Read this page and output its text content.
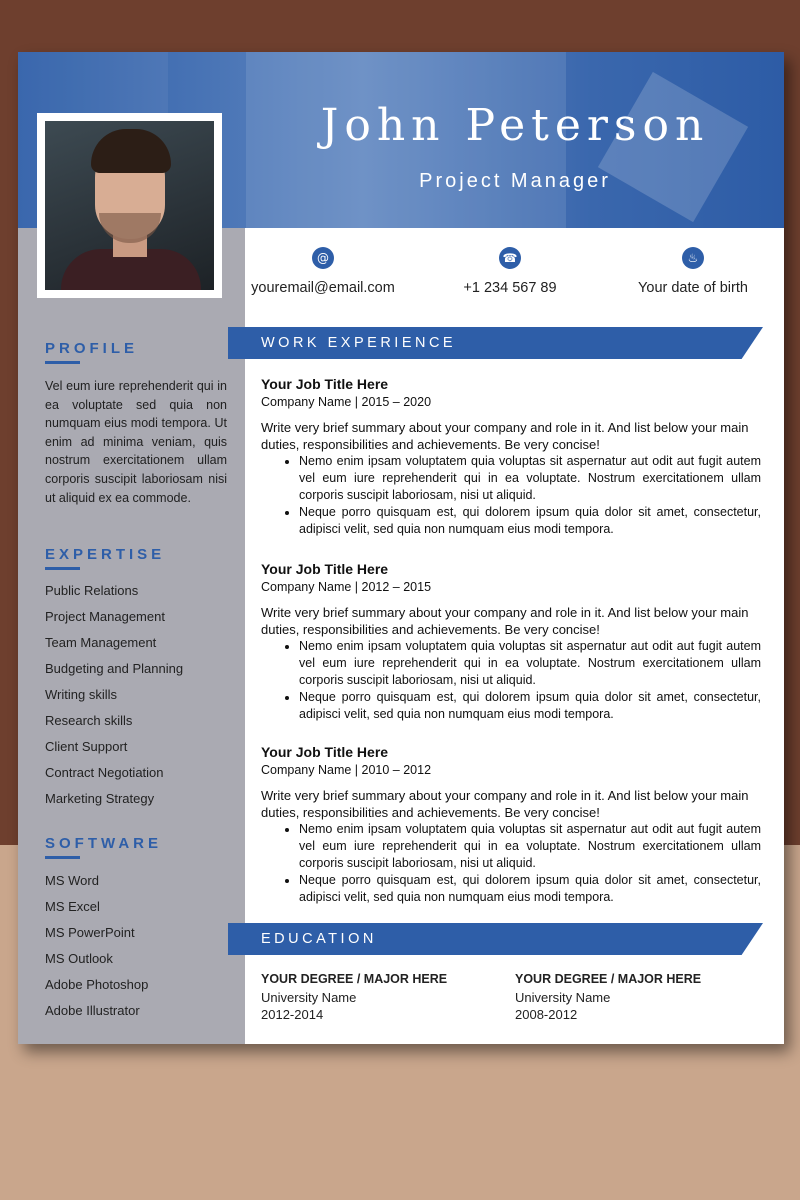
John Peterson
Project Manager
@
youremail@email.com
☎
+1 234 567 89
♨
Your date of birth
PROFILE

Vel eum iure reprehenderit qui in ea voluptate sed quia non numquam eius modi tempora. Ut enim ad minima veniam, quis nostrum exercitationem ullam corporis suscipit laboriosam nisi ut aliquid ex ea commode.

EXPERTISE
Public Relations
Project Management
Team Management
Budgeting and Planning
Writing skills
Research skills
Client Support
Contract Negotiation
Marketing Strategy
SOFTWARE
MS Word
MS Excel
MS PowerPoint
MS Outlook
Adobe Photoshop
Adobe Illustrator
WORK EXPERIENCE

Your Job Title Here

Company Name | 2015 – 2020

Write very brief summary about your company and role in it. And list below your main duties, responsibilities and achievements. Be very concise!

• Nemo enim ipsam voluptatem quia voluptas sit aspernatur aut odit aut fugit autem vel eum iure reprehenderit qui in ea voluptate. Nostrum exercitationem ullam corporis suscipit laboriosam, nisi ut aliquid.
• Neque porro quisquam est, qui dolorem ipsum quia dolor sit amet, consectetur, adipisci velit, sed quia non numquam eius modi tempora.

Your Job Title Here

Company Name | 2012 – 2015

Write very brief summary about your company and role in it. And list below your main duties, responsibilities and achievements. Be very concise!

• Nemo enim ipsam voluptatem quia voluptas sit aspernatur aut odit aut fugit autem vel eum iure reprehenderit qui in ea voluptate. Nostrum exercitationem ullam corporis suscipit laboriosam, nisi ut aliquid.
• Neque porro quisquam est, qui dolorem ipsum quia dolor sit amet, consectetur, adipisci velit, sed quia non numquam eius modi tempora.

Your Job Title Here

Company Name | 2010 – 2012

Write very brief summary about your company and role in it. And list below your main duties, responsibilities and achievements. Be very concise!

• Nemo enim ipsam voluptatem quia voluptas sit aspernatur aut odit aut fugit autem vel eum iure reprehenderit qui in ea voluptate. Nostrum exercitationem ullam corporis suscipit laboriosam, nisi ut aliquid.
• Neque porro quisquam est, qui dolorem ipsum quia dolor sit amet, consectetur, adipisci velit, sed quia non numquam eius modi tempora.
EDUCATION
YOUR DEGREE / MAJOR HERE
University Name
2012-2014
YOUR DEGREE / MAJOR HERE
University Name
2008-2012
